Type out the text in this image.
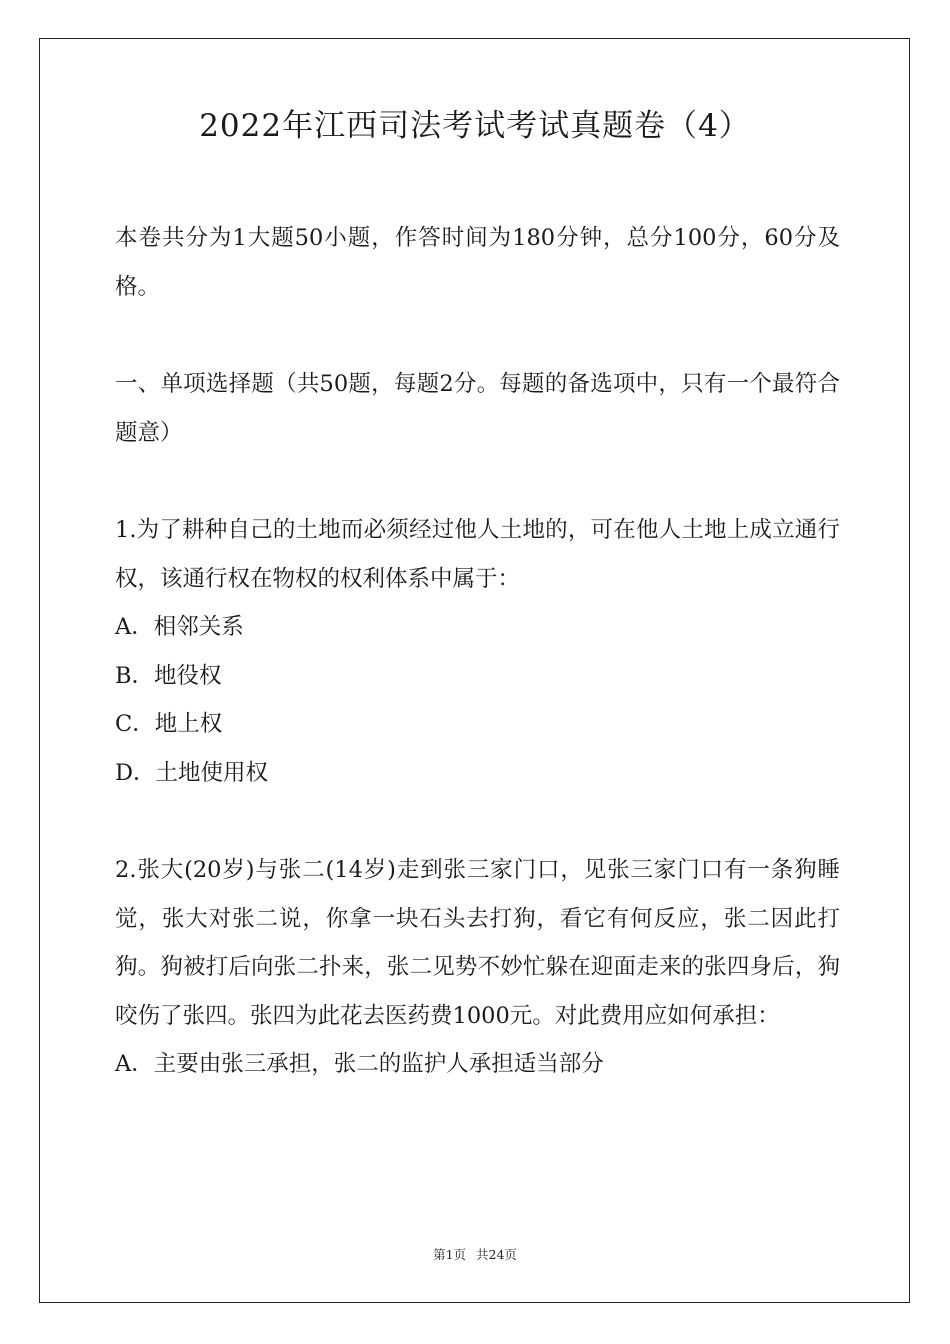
2022年江西司法考试考试真题卷（4）

本卷共分为1大题50小题，作答时间为180分钟，总分100分，60分及格。

一、单项选择题（共50题，每题2分。每题的备选项中，只有一个最符合题意）

1.为了耕种自己的土地而必须经过他人土地的，可在他人土地上成立通行权，该通行权在物权的权利体系中属于：

A．相邻关系

B．地役权

C．地上权

D．土地使用权

2.张大(20岁)与张二(14岁)走到张三家门口，见张三家门口有一条狗睡觉，张大对张二说，你拿一块石头去打狗，看它有何反应，张二因此打狗。狗被打后向张二扑来，张二见势不妙忙躲在迎面走来的张四身后，狗咬伤了张四。张四为此花去医药费1000元。对此费用应如何承担：

A．主要由张三承担，张二的监护人承担适当部分

第1页 共24页
